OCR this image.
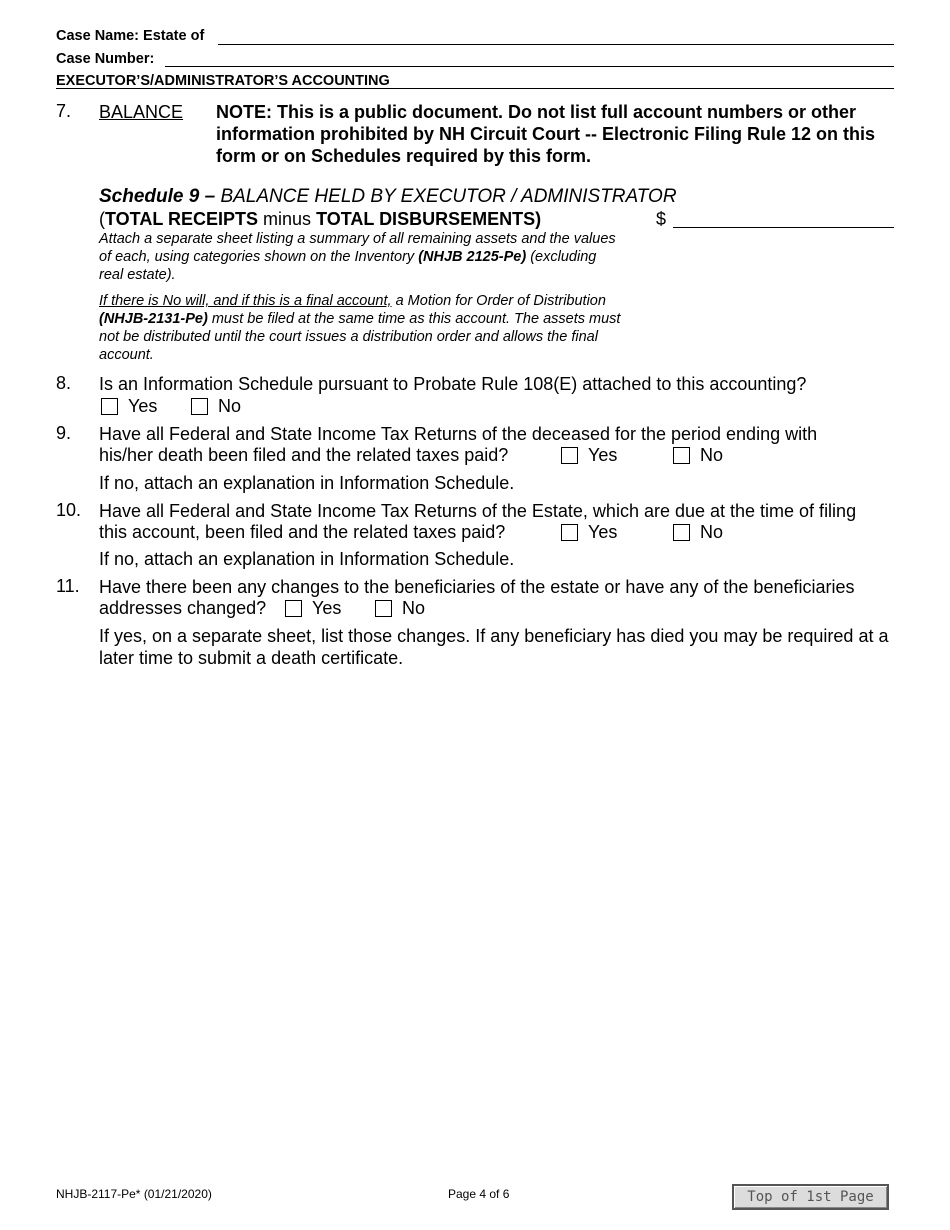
Case Name: Estate of
Case Number:
EXECUTOR’S/ADMINISTRATOR’S ACCOUNTING
7. BALANCE NOTE: This is a public document. Do not list full account numbers or other information prohibited by NH Circuit Court -- Electronic Filing Rule 12 on this form or on Schedules required by this form.
Schedule 9 – BALANCE HELD BY EXECUTOR / ADMINISTRATOR
(TOTAL RECEIPTS minus TOTAL DISBURSEMENTS)	$
Attach a separate sheet listing a summary of all remaining assets and the values of each, using categories shown on the Inventory (NHJB 2125-Pe) (excluding real estate).
If there is No will, and if this is a final account, a Motion for Order of Distribution (NHJB-2131-Pe) must be filed at the same time as this account. The assets must not be distributed until the court issues a distribution order and allows the final account.
8. Is an Information Schedule pursuant to Probate Rule 108(E) attached to this accounting?
Yes	No
9. Have all Federal and State Income Tax Returns of the deceased for the period ending with
his/her death been filed and the related taxes paid?	Yes	No
If no, attach an explanation in Information Schedule.
10. Have all Federal and State Income Tax Returns of the Estate, which are due at the time of filing
this account, been filed and the related taxes paid?	Yes	No
If no, attach an explanation in Information Schedule.
11. Have there been any changes to the beneficiaries of the estate or have any of the beneficiaries
addresses changed?	Yes	No
If yes, on a separate sheet, list those changes. If any beneficiary has died you may be required at a later time to submit a death certificate.
NHJB-2117-Pe* (01/21/2020)	Page 4 of 6	Top of 1st Page
